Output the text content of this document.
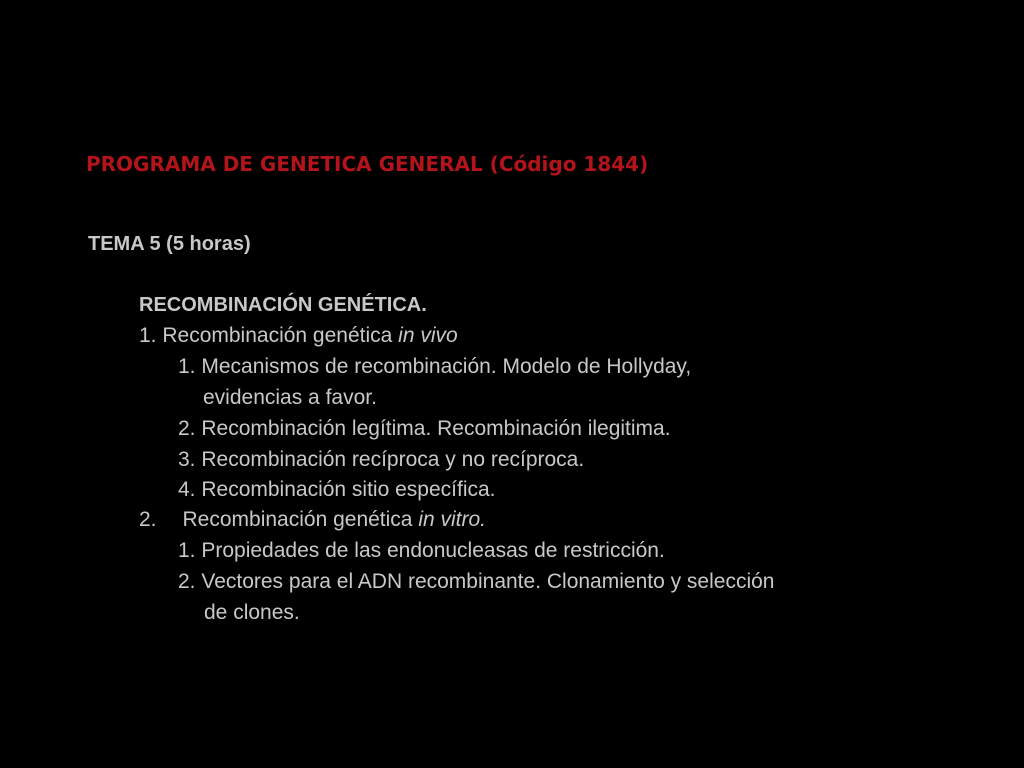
PROGRAMA DE GENETICA GENERAL (Código 1844)
TEMA 5 (5 horas)
RECOMBINACIÓN GENÉTICA.
1. Recombinación genética in vivo
1. Mecanismos de recombinación. Modelo de Hollyday,
evidencias a favor.
2. Recombinación legítima. Recombinación ilegitima.
3. Recombinación recíproca y no recíproca.
4. Recombinación sitio específica.
2. Recombinación genética in vitro.
1. Propiedades de las endonucleasas de restricción.
2. Vectores para el ADN recombinante. Clonamiento y selección
de clones.
